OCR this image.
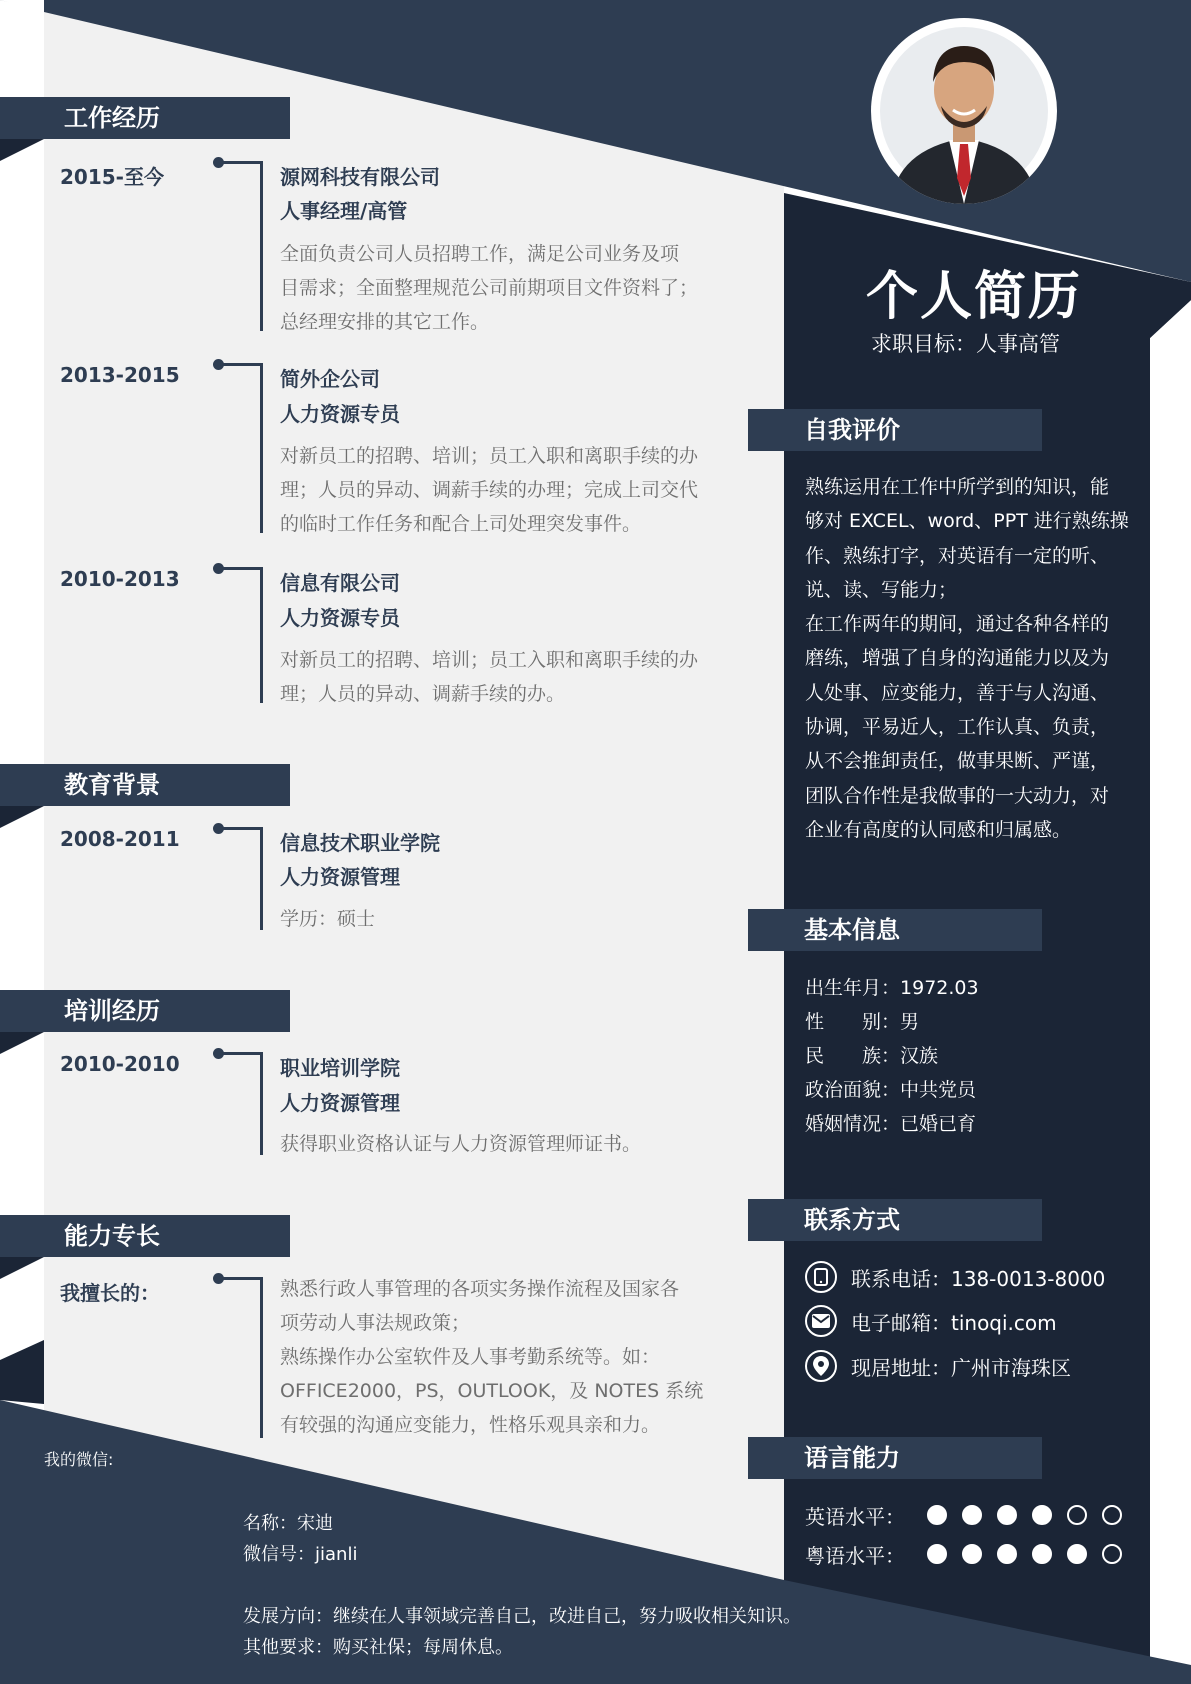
个人简历
求职目标：人事高管
工作经历
2015-至今	源网科技有限公司
人事经理/高管
全面负责公司人员招聘工作，满足公司业务及项
目需求；全面整理规范公司前期项目文件资料了；
总经理安排的其它工作。
2013-2015	简外企公司
人力资源专员
对新员工的招聘、培训；员工入职和离职手续的办
理；人员的异动、调薪手续的办理；完成上司交代
的临时工作任务和配合上司处理突发事件。
2010-2013	信息有限公司
人力资源专员
对新员工的招聘、培训；员工入职和离职手续的办
理；人员的异动、调薪手续的办。
教育背景
2008-2011	信息技术职业学院
人力资源管理
学历：硕士
培训经历
2010-2010	职业培训学院
人力资源管理
获得职业资格认证与人力资源管理师证书。
能力专长
我擅长的：	熟悉行政人事管理的各项实务操作流程及国家各
项劳动人事法规政策；
熟练操作办公室软件及人事考勤系统等。如：
OFFICE2000，PS，OUTLOOK，及 NOTES 系统
有较强的沟通应变能力，性格乐观具亲和力。
自我评价
熟练运用在工作中所学到的知识，能
够对 EXCEL、word、PPT 进行熟练操
作、熟练打字，对英语有一定的听、
说、读、写能力；
在工作两年的期间，通过各种各样的
磨练，增强了自身的沟通能力以及为
人处事、应变能力，善于与人沟通、
协调，平易近人，工作认真、负责，
从不会推卸责任，做事果断、严谨，
团队合作性是我做事的一大动力，对
企业有高度的认同感和归属感。
基本信息
出生年月：1972.03
性　　别：男
民　　族：汉族
政治面貌：中共党员
婚姻情况：已婚已育
联系方式
联系电话：138-0013-8000
电子邮箱：tinoqi.com
现居地址：广州市海珠区
语言能力
英语水平：
粤语水平：
我的微信:
名称：宋迪
微信号：jianli
发展方向：继续在人事领域完善自己，改进自己，努力吸收相关知识。
其他要求：购买社保；每周休息。
